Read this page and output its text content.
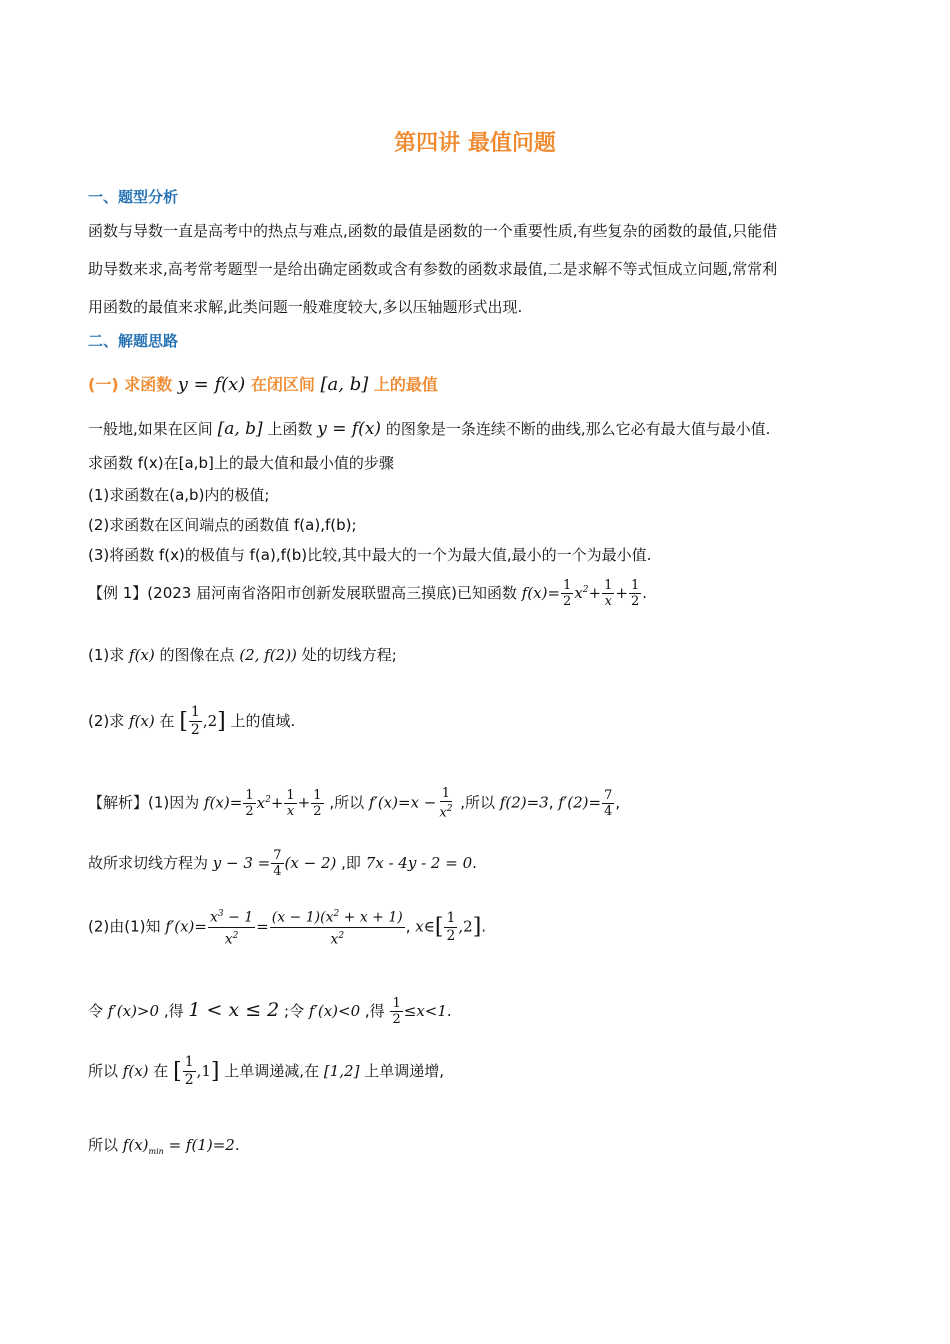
第四讲 最值问题
一、题型分析
函数与导数一直是高考中的热点与难点,函数的最值是函数的一个重要性质,有些复杂的函数的最值,只能借
助导数来求,高考常考题型一是给出确定函数或含有参数的函数求最值,二是求解不等式恒成立问题,常常利
用函数的最值来求解,此类问题一般难度较大,多以压轴题形式出现.
二、解题思路
(一) 求函数 y = f(x) 在闭区间 [a, b] 上的最值
一般地,如果在区间 [a, b] 上函数 y = f(x) 的图象是一条连续不断的曲线,那么它必有最大值与最小值.
求函数 f(x)在[a,b]上的最大值和最小值的步骤
(1)求函数在(a,b)内的极值;
(2)求函数在区间端点的函数值 f(a),f(b);
(3)将函数 f(x)的极值与 f(a),f(b)比较,其中最大的一个为最大值,最小的一个为最小值.
【例 1】(2023 届河南省洛阳市创新发展联盟高三摸底)已知函数 $f(x)= \frac{1}{2} x^2+ \frac{1}{x} + \frac{1}{2}$ .
(1)求 f(x) 的图像在点 (2, f(2)) 处的切线方程;
(2)求 f(x) 在 [ $\frac{1}{2} ,2$] 上的值域.
【解析】(1)因为 $f(x)= \frac{1}{2} x^2+ \frac{1}{x} + \frac{1}{2}$ ,所以 $f'(x)=x - \frac{1}{x^2}$ ,所以 f(2)=3, $f'(2)= \frac{7}{4}$ ,
故所求切线方程为 $y - 3 = \frac{7}{4} (x - 2)$ ,即 7x - 4y - 2 = 0.
(2)由(1)知 $f'(x)= \frac{x^3 - 1}{x^2} = \frac{(x - 1)(x^2 + x + 1)}{x^2}$ , x∈[ $\frac{1}{2} ,2$].
令 f′(x)>0 ,得 1 < x ≤ 2 ;令 f′(x)<0 ,得 $\frac{1}{2} \le x<1$.
所以 f(x) 在 [ $\frac{1}{2} ,1$] 上单调递减,在 [1,2] 上单调递增,
所以 $f(x)_{min} = f(1)=2$.
